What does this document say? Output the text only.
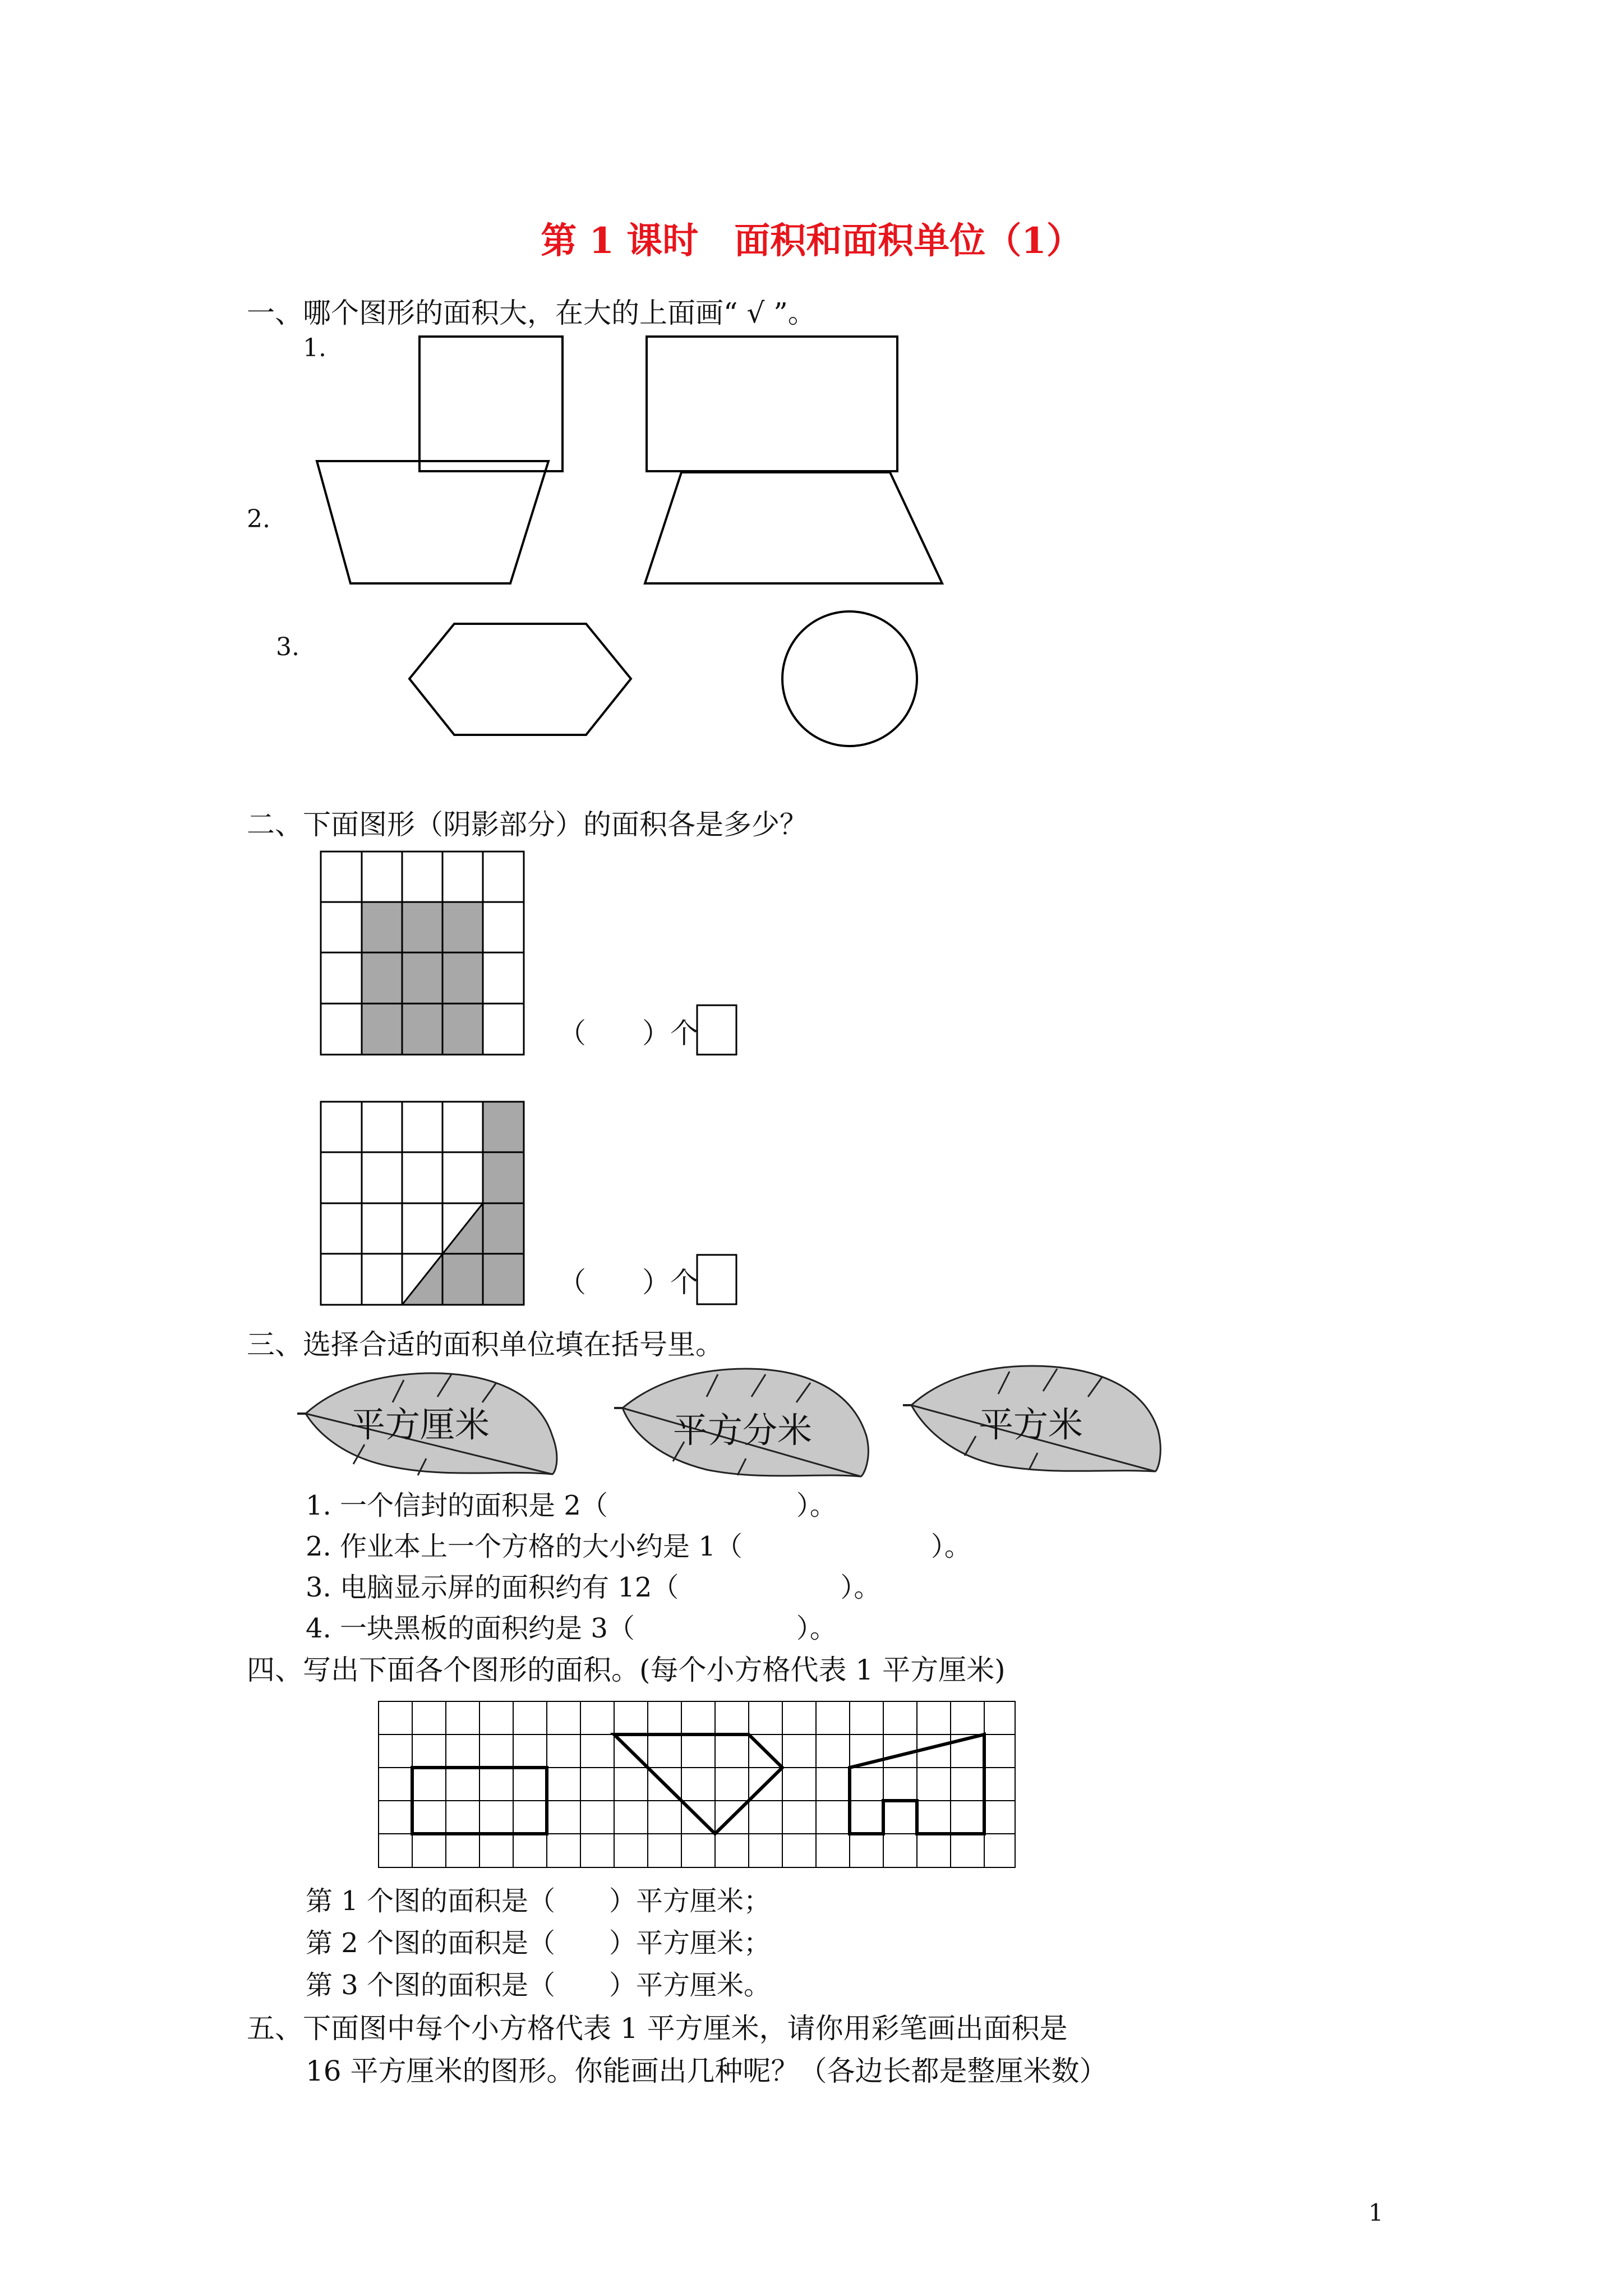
第 1 课时　面积和面积单位（1）
一、哪个图形的面积大，在大的上面画“ √ ”。
1.
2.
3.
二、下面图形（阴影部分）的面积各是多少？
（　　）个
（　　）个
三、选择合适的面积单位填在括号里。
平方厘米	平方分米	平方米
1. 一个信封的面积是 2（　　　　　　　）。
2. 作业本上一个方格的大小约是 1（　　　　　　　）。
3. 电脑显示屏的面积约有 12（　　　　　　）。
4. 一块黑板的面积约是 3（　　　　　　）。
四、写出下面各个图形的面积。(每个小方格代表 1 平方厘米)
第 1 个图的面积是（　　）平方厘米；
第 2 个图的面积是（　　）平方厘米；
第 3 个图的面积是（　　）平方厘米。
五、下面图中每个小方格代表 1 平方厘米，请你用彩笔画出面积是
16 平方厘米的图形。你能画出几种呢？（各边长都是整厘米数）
1
